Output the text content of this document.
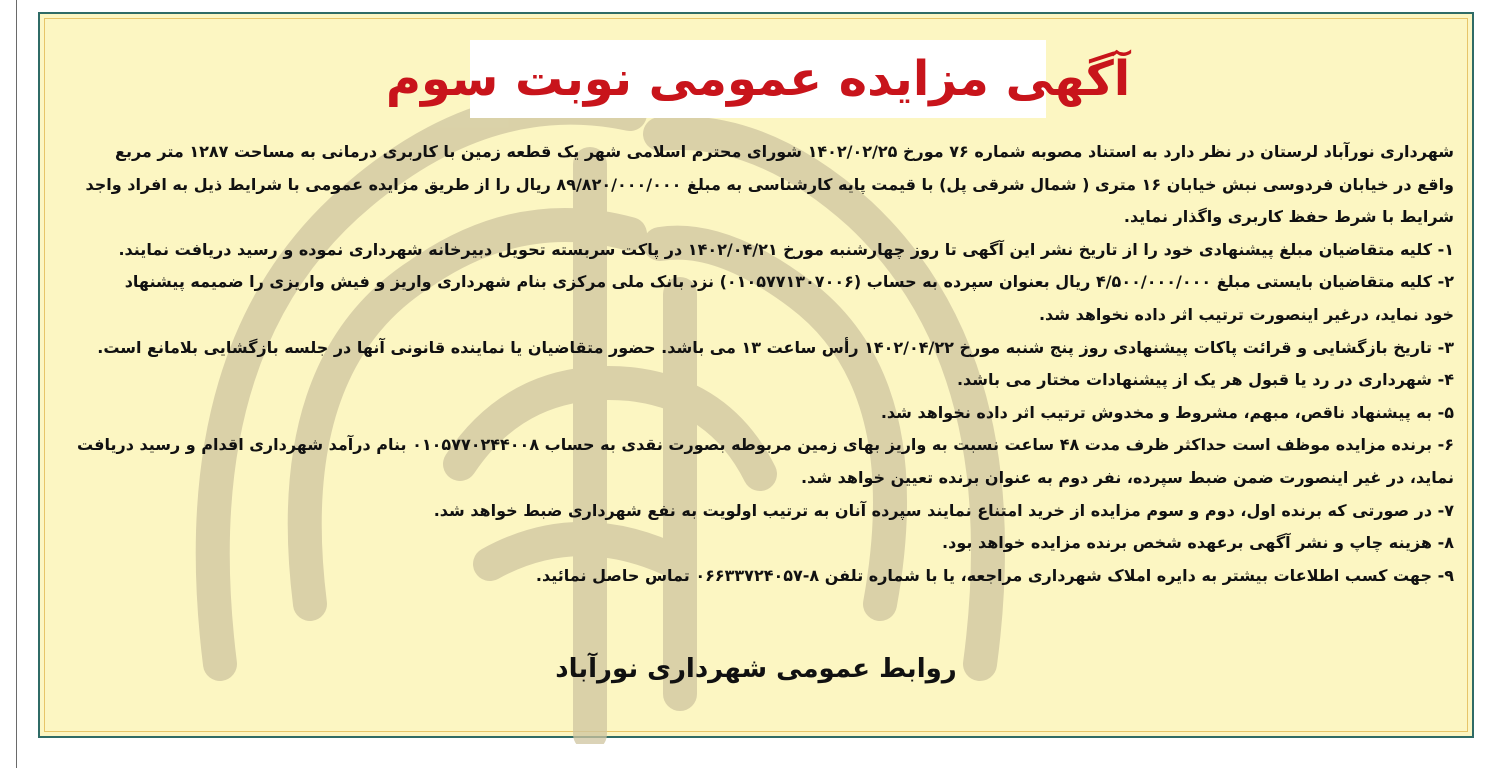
آگهی مزایده عمومی نوبت سوم
شهرداری نورآباد لرستان در نظر دارد به استناد مصوبه شماره ۷۶ مورخ ۱۴۰۲/۰۲/۲۵ شورای محترم اسلامی شهر یک قطعه زمین با کاربری درمانی به مساحت ۱۲۸۷ متر مربع
واقع در خیابان فردوسی نبش خیابان ۱۶ متری ( شمال شرقی پل) با قیمت پایه کارشناسی به مبلغ ۸۹/۸۲۰/۰۰۰/۰۰۰ ریال را از طریق مزایده عمومی با شرایط ذیل به افراد واجد
شرایط با شرط حفظ کاربری واگذار نماید.
۱- کلیه متقاضیان مبلغ پیشنهادی خود را از تاریخ نشر این آگهی تا روز چهارشنبه مورخ ۱۴۰۲/۰۴/۲۱ در پاکت سربسته تحویل دبیرخانه شهرداری نموده و رسید دریافت نمایند.
۲- کلیه متقاضیان بایستی مبلغ ۴/۵۰۰/۰۰۰/۰۰۰ ریال بعنوان سپرده به حساب (۰۱۰۵۷۷۱۳۰۷۰۰۶) نزد بانک ملی مرکزی بنام شهرداری واریز و فیش واریزی را ضمیمه پیشنهاد
خود نماید، درغیر اینصورت ترتیب اثر داده نخواهد شد.
۳- تاریخ بازگشایی و قرائت پاکات پیشنهادی روز پنج شنبه مورخ ۱۴۰۲/۰۴/۲۲ رأس ساعت ۱۳ می باشد. حضور متقاضیان یا نماینده قانونی آنها در جلسه بازگشایی بلامانع است.
۴- شهرداری در رد یا قبول هر یک از پیشنهادات مختار می باشد.
۵- به پیشنهاد ناقص، مبهم، مشروط و مخدوش ترتیب اثر داده نخواهد شد.
۶- برنده مزایده موظف است حداکثر ظرف مدت ۴۸ ساعت نسبت به واریز بهای زمین مربوطه بصورت نقدی به حساب ۰۱۰۵۷۷۰۲۴۴۰۰۸ بنام درآمد شهرداری اقدام و رسید دریافت
نماید، در غیر اینصورت ضمن ضبط سپرده، نفر دوم به عنوان برنده تعیین خواهد شد.
۷- در صورتی که برنده اول، دوم و سوم مزایده از خرید امتناع نمایند سپرده آنان به ترتیب اولویت به نفع شهرداری ضبط خواهد شد.
۸- هزینه چاپ و نشر آگهی برعهده شخص برنده مزایده خواهد بود.
۹- جهت کسب اطلاعات بیشتر به دایره املاک شهرداری مراجعه، یا با شماره تلفن ۸-۰۶۶۳۳۷۲۴۰۵۷ تماس حاصل نمائید.
روابط عمومی شهرداری نورآباد
